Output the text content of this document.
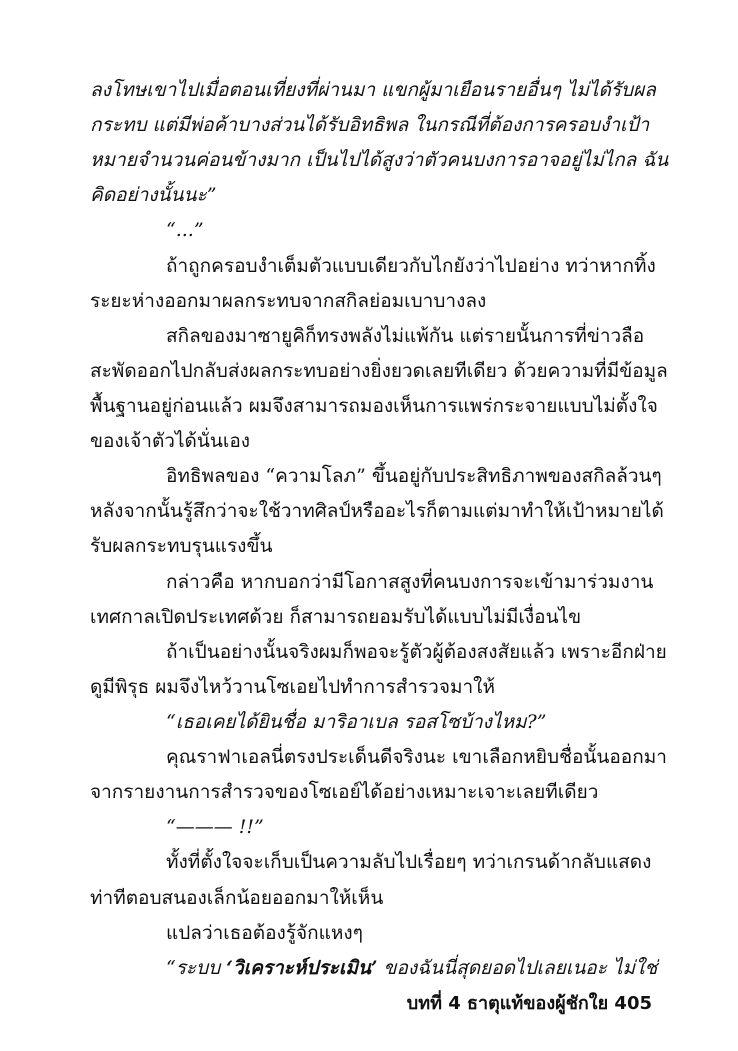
ลงโทษเขาไปเมื่อตอนเที่ยงที่ผ่านมา แขกผู้มาเยือนรายอื่นๆ ไม่ได้รับผล
กระทบ แต่มีพ่อค้าบางส่วนได้รับอิทธิพล ในกรณีที่ต้องการครอบงำเป้า
หมายจำนวนค่อนข้างมาก เป็นไปได้สูงว่าตัวคนบงการอาจอยู่ไม่ไกล ฉัน
คิดอย่างนั้นนะ”
“...”
ถ้าถูกครอบงำเต็มตัวแบบเดียวกับไกยังว่าไปอย่าง ทว่าหากทิ้ง
ระยะห่างออกมาผลกระทบจากสกิลย่อมเบาบางลง
สกิลของมาซายูคิก็ทรงพลังไม่แพ้กัน แต่รายนั้นการที่ข่าวลือ
สะพัดออกไปกลับส่งผลกระทบอย่างยิ่งยวดเลยทีเดียว ด้วยความที่มีข้อมูล
พื้นฐานอยู่ก่อนแล้ว ผมจึงสามารถมองเห็นการแพร่กระจายแบบไม่ตั้งใจ
ของเจ้าตัวได้นั่นเอง
อิทธิพลของ “ความโลภ” ขึ้นอยู่กับประสิทธิภาพของสกิลล้วนๆ
หลังจากนั้นรู้สึกว่าจะใช้วาทศิลป์หรืออะไรก็ตามแต่มาทำให้เป้าหมายได้
รับผลกระทบรุนแรงขึ้น
กล่าวคือ หากบอกว่ามีโอกาสสูงที่คนบงการจะเข้ามาร่วมงาน
เทศกาลเปิดประเทศด้วย ก็สามารถยอมรับได้แบบไม่มีเงื่อนไข
ถ้าเป็นอย่างนั้นจริงผมก็พอจะรู้ตัวผู้ต้องสงสัยแล้ว เพราะอีกฝ่าย
ดูมีพิรุธ ผมจึงไหว้วานโซเอยไปทำการสำรวจมาให้
“เธอเคยได้ยินชื่อ มาริอาเบล รอสโซบ้างไหม?”
คุณราฟาเอลนี่ตรงประเด็นดีจริงนะ เขาเลือกหยิบชื่อนั้นออกมา
จากรายงานการสำรวจของโซเอย์ได้อย่างเหมาะเจาะเลยทีเดียว
“——— !!”
ทั้งที่ตั้งใจจะเก็บเป็นความลับไปเรื่อยๆ ทว่าเกรนด้ากลับแสดง
ท่าทีตอบสนองเล็กน้อยออกมาให้เห็น
แปลว่าเธอต้องรู้จักแหงๆ
“ระบบ ‘วิเคราะห์ประเมิน’ ของฉันนี่สุดยอดไปเลยเนอะ ไม่ใช่
บทที่ 4 ธาตุแท้ของผู้ชักใย 405
